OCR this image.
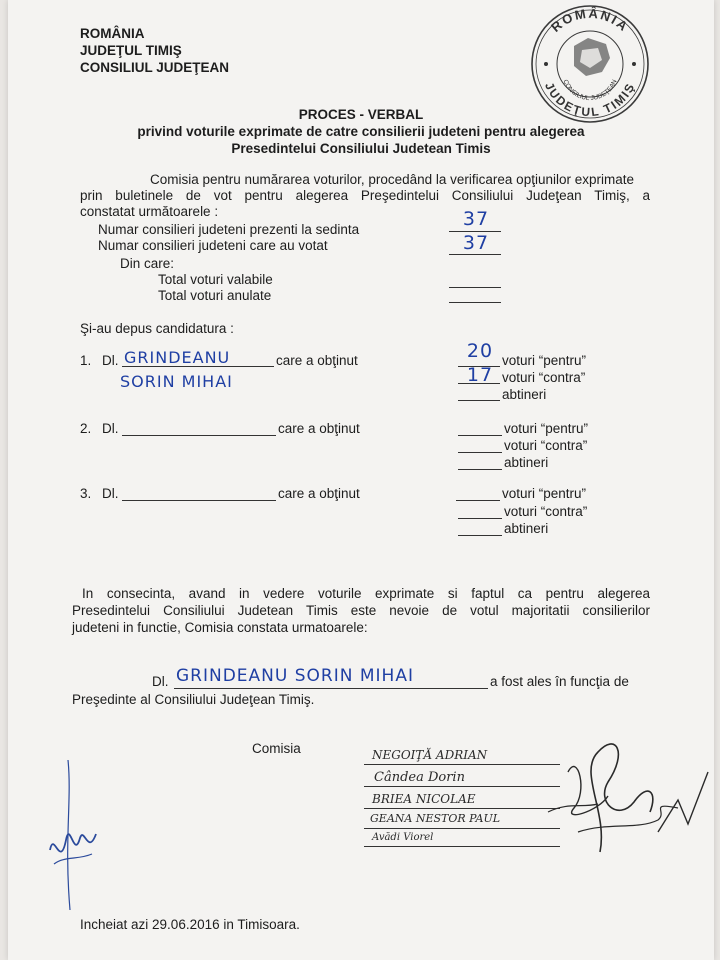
ROMÂNIA
JUDEŢUL TIMIŞ
CONSILIUL JUDEŢEAN
ROMÂNIA
JUDEŢUL TIMIŞ
CONSILIUL JUDEŢEAN
PROCES - VERBAL
privind voturile exprimate de catre consilierii judeteni pentru alegerea
Presedintelui Consiliului Judetean Timis
Comisia pentru numărarea voturilor, procedând la verificarea opţiunilor exprimate
prin buletinele de vot pentru alegerea Preşedintelui Consiliului Judeţean Timiş, a
constatat următoarele :
Numar consilieri judeteni prezenti la sedinta	37
Numar consilieri judeteni care au votat	37
Din care:
Total voturi valabile
Total voturi anulate
Şi-au depus candidatura :
1. Dl. GRINDEANU	care a obţinut
SORIN MIHAI
20 voturi “pentru”
17 voturi “contra”
abtineri
2. Dl.	care a obţinut	voturi “pentru”
voturi “contra”
abtineri
3. Dl.	care a obţinut	voturi “pentru”
voturi “contra”
abtineri
In consecinta, avand in vedere voturile exprimate si faptul ca pentru alegerea
Presedintelui Consiliului Judetean Timis este nevoie de votul majoritatii consilierilor
judeteni in functie, Comisia constata urmatoarele:
Dl. GRINDEANU SORIN MIHAI	a fost ales în funcţia de
Preşedinte al Consiliului Judeţean Timiş.
Comisia	NEGOIŢĂ ADRIAN
Cândea Dorin
BRIEA NICOLAE
GEANA NESTOR PAUL
Avădi Viorel
Incheiat azi 29.06.2016 in Timisoara.
